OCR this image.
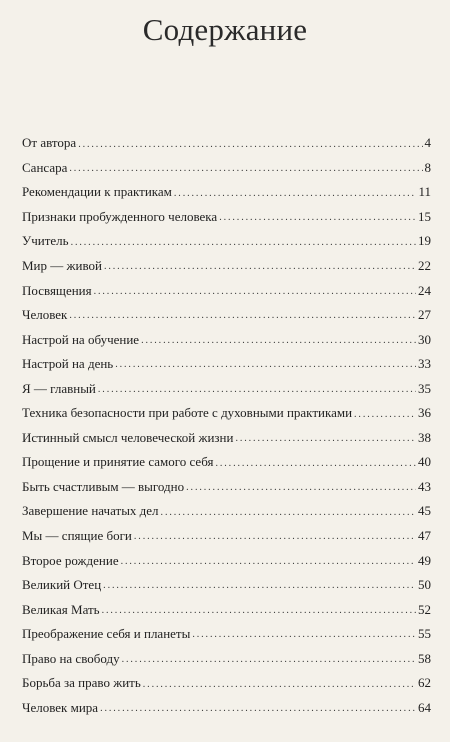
Содержание
От автора . . .	4
Сансара . . .	8
Рекомендации к практикам . . .	11
Признаки пробужденного человека . . .	15
Учитель . . .	19
Мир — живой . . .	22
Посвящения . . .	24
Человек . . .	27
Настрой на обучение . . .	30
Настрой на день . . .	33
Я — главный . . .	35
Техника безопасности при работе с духовными практиками . . .	36
Истинный смысл человеческой жизни . . .	38
Прощение и принятие самого себя . . .	40
Быть счастливым — выгодно . . .	43
Завершение начатых дел . . .	45
Мы — спящие боги . . .	47
Второе рождение . . .	49
Великий Отец . . .	50
Великая Мать . . .	52
Преображение себя и планеты . . .	55
Право на свободу . . .	58
Борьба за право жить . . .	62
Человек мира . . .	64
